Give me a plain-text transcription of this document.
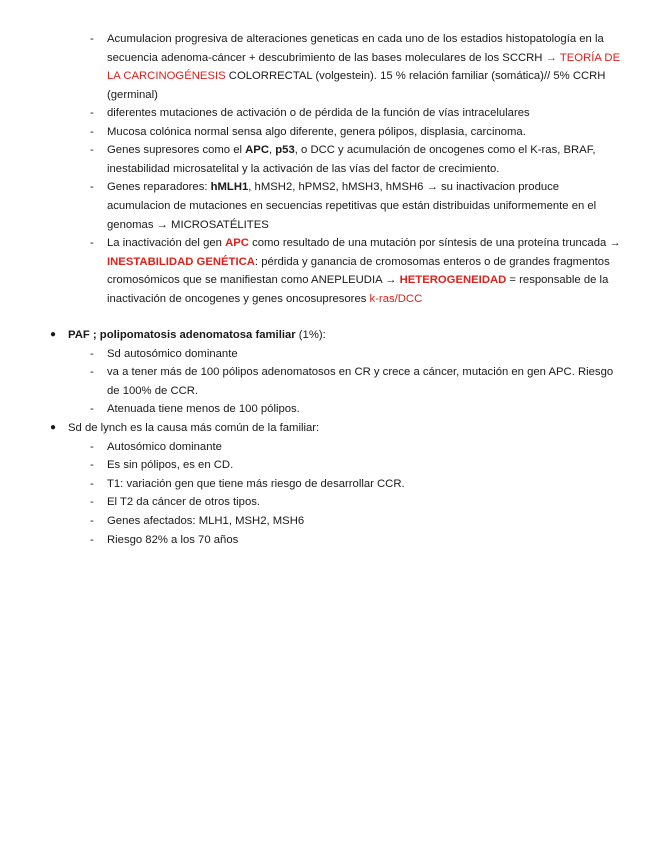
- Acumulacion progresiva de alteraciones geneticas en cada uno de los estadios histopatología en la secuencia adenoma-cáncer + descubrimiento de las bases moleculares de los SCCRH → TEORÍA DE LA CARCINOGÉNESIS COLORRECTAL (volgestein). 15 % relación familiar (somática)// 5% CCRH (germinal)
- diferentes mutaciones de activación o de pérdida de la función de vías intracelulares
- Mucosa colónica normal sensa algo diferente, genera pólipos, displasia, carcinoma.
- Genes supresores como el APC, p53, o DCC y acumulación de oncogenes como el K-ras, BRAF, inestabilidad microsatelital y la activación de las vías del factor de crecimiento.
- Genes reparadores: hMLH1, hMSH2, hPMS2, hMSH3, hMSH6 → su inactivacion produce acumulacion de mutaciones en secuencias repetitivas que están distribuidas uniformemente en el genomas → MICROSATÉLITES
- La inactivación del gen APC como resultado de una mutación por síntesis de una proteína truncada → INESTABILIDAD GENÉTICA: pérdida y ganancia de cromosomas enteros o de grandes fragmentos cromosómicos que se manifiestan como ANEPLEUDIA → HETEROGENEIDAD = responsable de la inactivación de oncogenes y genes oncosupresores k-ras/DCC
● PAF ; polipomatosis adenomatosa familiar (1%):
- Sd autosómico dominante
- va a tener más de 100 pólipos adenomatosos en CR y crece a cáncer, mutación en gen APC. Riesgo de 100% de CCR.
- Atenuada tiene menos de 100 pólipos.
● Sd de lynch es la causa más común de la familiar:
- Autosómico dominante
- Es sin pólipos, es en CD.
- T1: variación gen que tiene más riesgo de desarrollar CCR.
- El T2 da cáncer de otros tipos.
- Genes afectados: MLH1, MSH2, MSH6
- Riesgo 82% a los 70 años
